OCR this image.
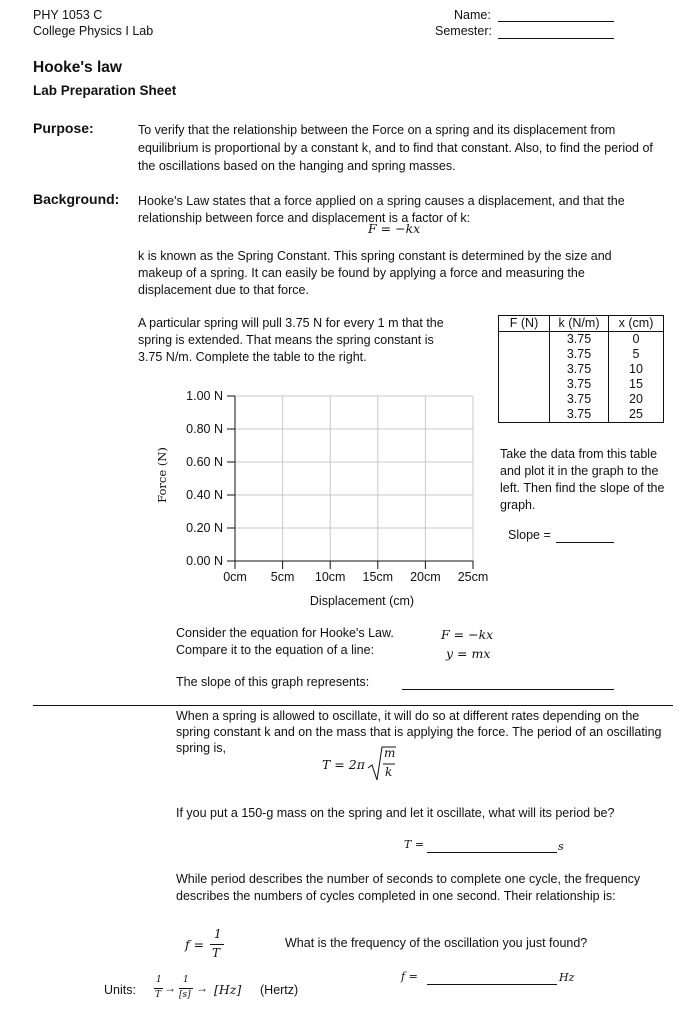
PHY 1053 C
College Physics I Lab
Name:
Semester:
Hooke's law
Lab Preparation Sheet
Purpose:	To verify that the relationship between the Force on a spring and its displacement from equilibrium is proportional by a constant k, and to find that constant. Also, to find the period of the oscillations based on the hanging and spring masses.

Background: Hooke's Law states that a force applied on a spring causes a displacement, and that the relationship between force and displacement is a factor of k:

F = −kx

k is known as the Spring Constant. This spring constant is determined by the size and makeup of a spring. It can easily be found by applying a force and measuring the displacement due to that force.

A particular spring will pull 3.75 N for every 1 m that the spring is extended. That means the spring constant is 3.75 N/m. Complete the table to the right.

F (N)	k (N/m)	x (cm)
	3.75	0
	3.75	5
	3.75	10
	3.75	15
	3.75	20
	3.75	25
Force (N)
Displacement (cm)
1.00 N
0.80 N
0.60 N
0.40 N
0.20 N
0.00 N
0cm 5cm 10cm 15cm 20cm 25cm

Take the data from this table and plot it in the graph to the left. Then find the slope of the graph.

Slope =
Consider the equation for Hooke's Law.
Compare it to the equation of a line:
F = −kx
y = mx
The slope of this graph represents:

When a spring is allowed to oscillate, it will do so at different rates depending on the spring constant k and on the mass that is applying the force. The period of an oscillating spring is,

T = 2π
m
k
If you put a 150-g mass on the spring and let it oscillate, what will its period be?
T =	s

While period describes the number of seconds to complete one cycle, the frequency describes the numbers of cycles completed in one second. Their relationship is:

f =
1
T
What is the frequency of the oscillation you just found?
f =	Hz
Units:
1
T →
1
[s] → [Hz] (Hertz)
